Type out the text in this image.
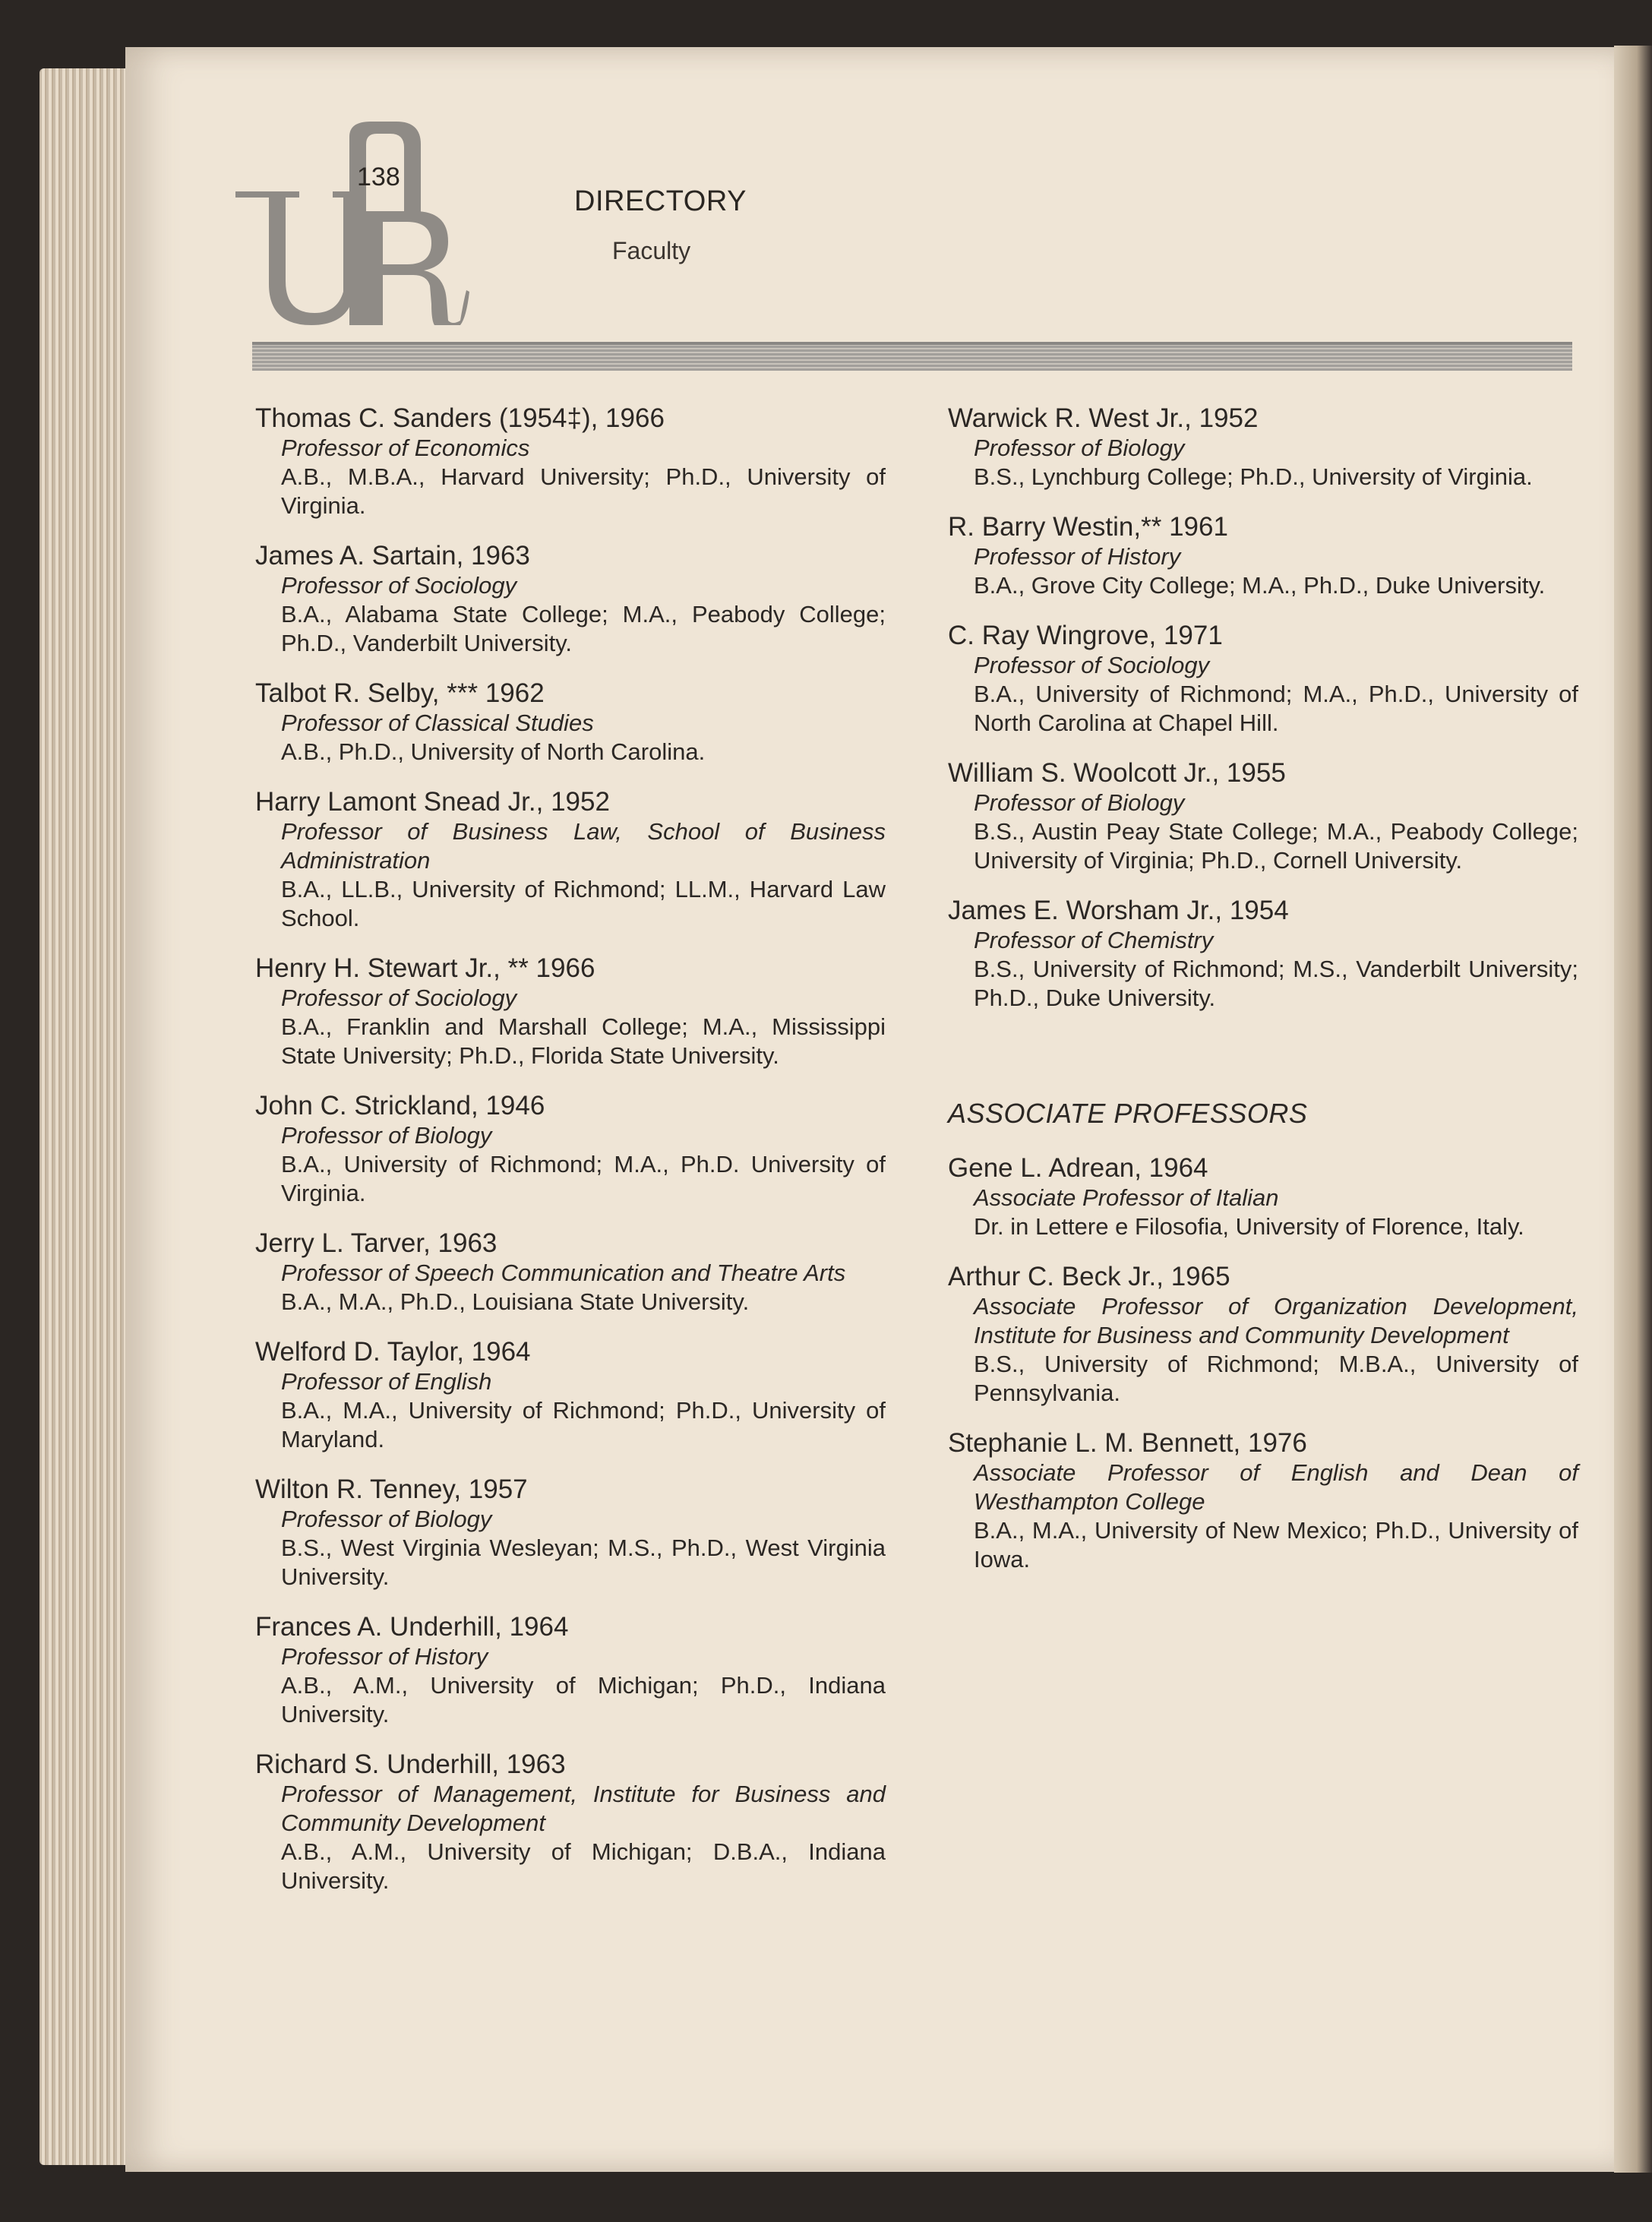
138
DIRECTORY
Faculty
Thomas C. Sanders (1954‡), 1966
Professor of Economics
A.B., M.B.A., Harvard University; Ph.D., University of Virginia.
James A. Sartain, 1963
Professor of Sociology
B.A., Alabama State College; M.A., Peabody College; Ph.D., Vanderbilt University.
Talbot R. Selby, *** 1962
Professor of Classical Studies
A.B., Ph.D., University of North Carolina.
Harry Lamont Snead Jr., 1952
Professor of Business Law, School of Business Administration
B.A., LL.B., University of Richmond; LL.M., Harvard Law School.
Henry H. Stewart Jr., ** 1966
Professor of Sociology
B.A., Franklin and Marshall College; M.A., Mississippi State University; Ph.D., Florida State University.
John C. Strickland, 1946
Professor of Biology
B.A., University of Richmond; M.A., Ph.D. University of Virginia.
Jerry L. Tarver, 1963
Professor of Speech Communication and Theatre Arts
B.A., M.A., Ph.D., Louisiana State University.
Welford D. Taylor, 1964
Professor of English
B.A., M.A., University of Richmond; Ph.D., University of Maryland.
Wilton R. Tenney, 1957
Professor of Biology
B.S., West Virginia Wesleyan; M.S., Ph.D., West Virginia University.
Frances A. Underhill, 1964
Professor of History
A.B., A.M., University of Michigan; Ph.D., Indiana University.
Richard S. Underhill, 1963
Professor of Management, Institute for Business and Community Development
A.B., A.M., University of Michigan; D.B.A., Indiana University.
Warwick R. West Jr., 1952
Professor of Biology
B.S., Lynchburg College; Ph.D., University of Virginia.
R. Barry Westin,** 1961
Professor of History
B.A., Grove City College; M.A., Ph.D., Duke University.
C. Ray Wingrove, 1971
Professor of Sociology
B.A., University of Richmond; M.A., Ph.D., University of North Carolina at Chapel Hill.
William S. Woolcott Jr., 1955
Professor of Biology
B.S., Austin Peay State College; M.A., Peabody College; University of Virginia; Ph.D., Cornell University.
James E. Worsham Jr., 1954
Professor of Chemistry
B.S., University of Richmond; M.S., Vanderbilt University; Ph.D., Duke University.
ASSOCIATE PROFESSORS
Gene L. Adrean, 1964
Associate Professor of Italian
Dr. in Lettere e Filosofia, University of Florence, Italy.
Arthur C. Beck Jr., 1965
Associate Professor of Organization Development, Institute for Business and Community Development
B.S., University of Richmond; M.B.A., University of Pennsylvania.
Stephanie L. M. Bennett, 1976
Associate Professor of English and Dean of Westhampton College
B.A., M.A., University of New Mexico; Ph.D., University of Iowa.
